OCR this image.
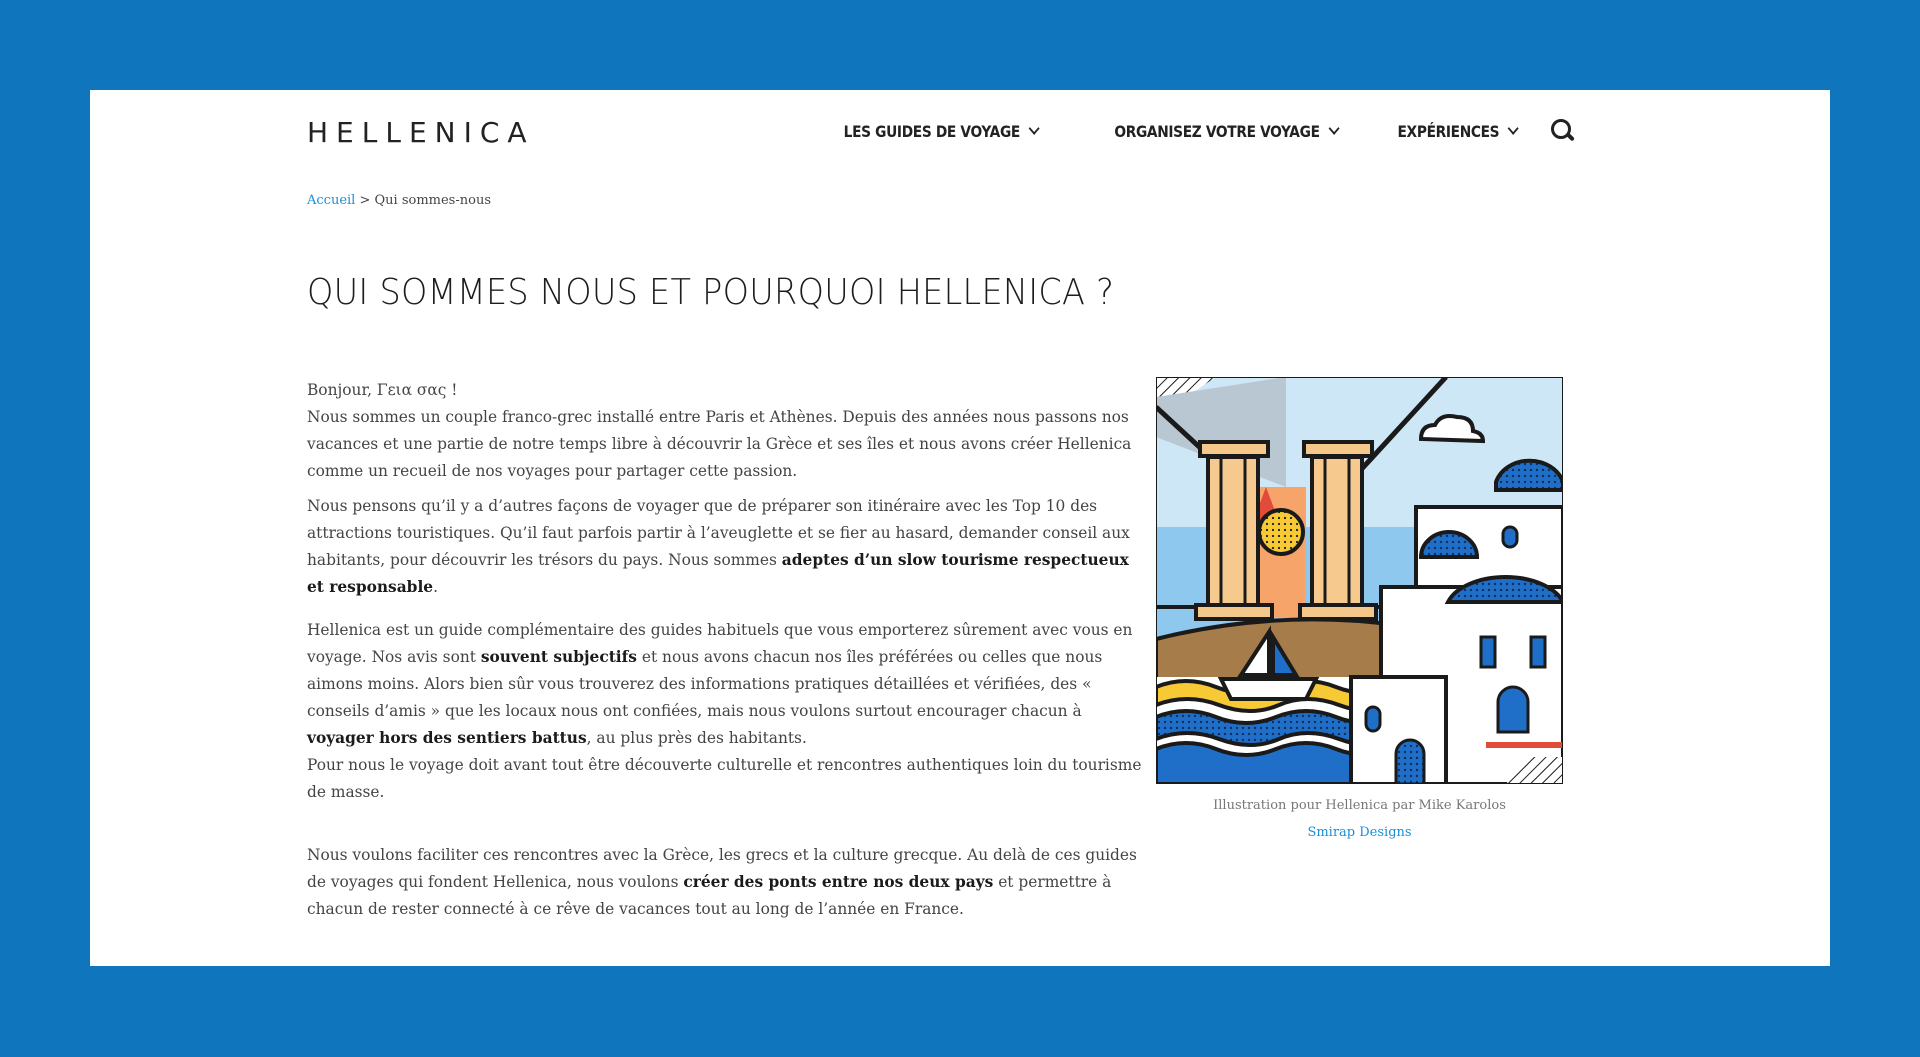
HELLENICA	LES GUIDES DE VOYAGE	ORGANISEZ VOTRE VOYAGE	EXPÉRIENCES
Accueil > Qui sommes-nous
QUI SOMMES NOUS ET POURQUOI HELLENICA ?

Bonjour, Γεια σας !
Nous sommes un couple franco-grec installé entre Paris et Athènes. Depuis des années nous passons nos vacances et une partie de notre temps libre à découvrir la Grèce et ses îles et nous avons créer Hellenica comme un recueil de nos voyages pour partager cette passion.

Nous pensons qu’il y a d’autres façons de voyager que de préparer son itinéraire avec les Top 10 des attractions touristiques. Qu’il faut parfois partir à l’aveuglette et se fier au hasard, demander conseil aux habitants, pour découvrir les trésors du pays. Nous sommes adeptes d’un slow tourisme respectueux et responsable.

Hellenica est un guide complémentaire des guides habituels que vous emporterez sûrement avec vous en voyage. Nos avis sont souvent subjectifs et nous avons chacun nos îles préférées ou celles que nous aimons moins. Alors bien sûr vous trouverez des informations pratiques détaillées et vérifiées, des « conseils d’amis » que les locaux nous ont confiées, mais nous voulons surtout encourager chacun à voyager hors des sentiers battus, au plus près des habitants.
Pour nous le voyage doit avant tout être découverte culturelle et rencontres authentiques loin du tourisme de masse.

Nous voulons faciliter ces rencontres avec la Grèce, les grecs et la culture grecque. Au delà de ces guides de voyages qui fondent Hellenica, nous voulons créer des ponts entre nos deux pays et permettre à chacun de rester connecté à ce rêve de vacances tout au long de l’année en France.

Illustration pour Hellenica par Mike Karolos
Smirap Designs
